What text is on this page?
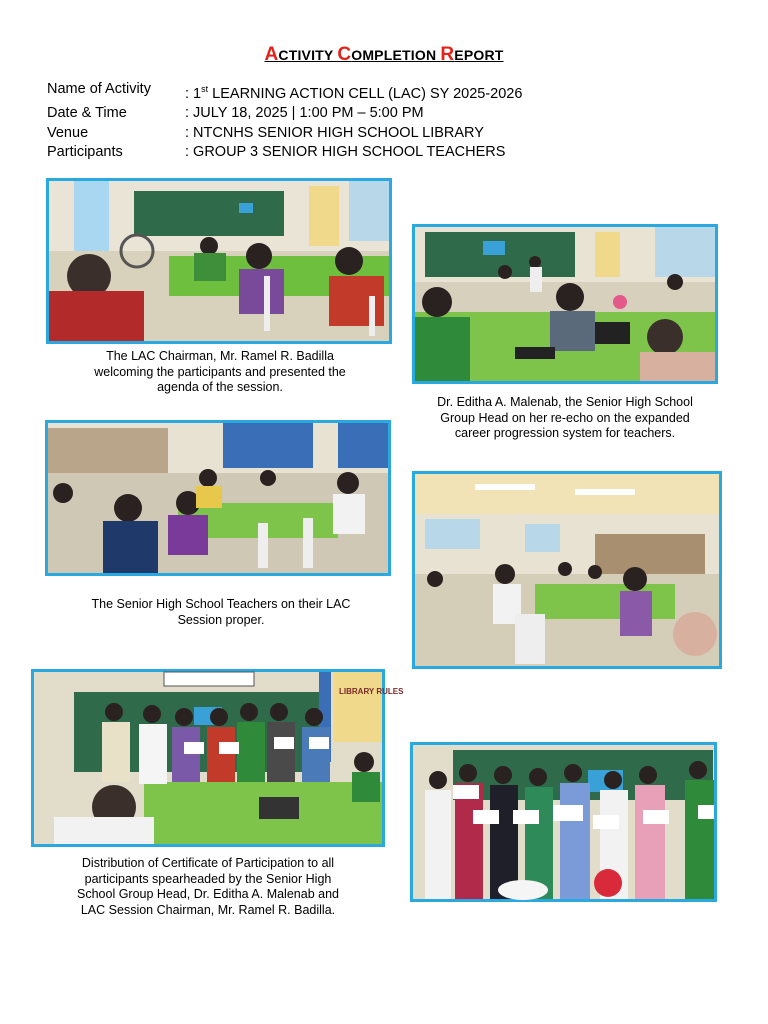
ACTIVITY COMPLETION REPORT
Name of Activity	: 1st LEARNING ACTION CELL (LAC) SY 2025-2026
Date & Time	: JULY 18, 2025 | 1:00 PM – 5:00 PM
Venue	: NTCNHS SENIOR HIGH SCHOOL LIBRARY
Participants	: GROUP 3 SENIOR HIGH SCHOOL TEACHERS
The LAC Chairman, Mr. Ramel R. Badilla
welcoming the participants and presented the
agenda of the session.
Dr. Editha A. Malenab, the Senior High School
Group Head on her re-echo on the expanded
career progression system for teachers.
The Senior High School Teachers on their LAC
Session proper.
LIBRARY RULES
Distribution of Certificate of Participation to all
participants spearheaded by the Senior High
School Group Head, Dr. Editha A. Malenab and
LAC Session Chairman, Mr. Ramel R. Badilla.
